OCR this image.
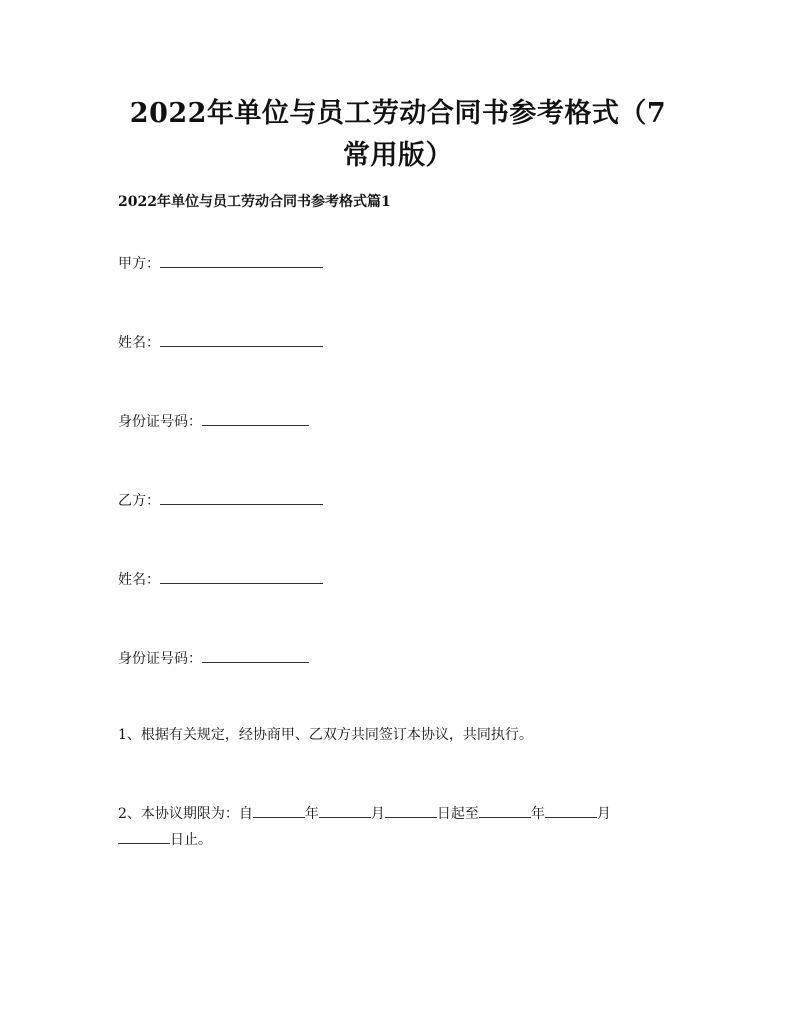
2022年单位与员工劳动合同书参考格式（7
常用版）
2022年单位与员工劳动合同书参考格式篇1
甲方：
姓名：
身份证号码：
乙方：
姓名：
身份证号码：
1、根据有关规定，经协商甲、乙双方共同签订本协议，共同执行。
2、本协议期限为：自	年	月	日起至	年	月
日止。
